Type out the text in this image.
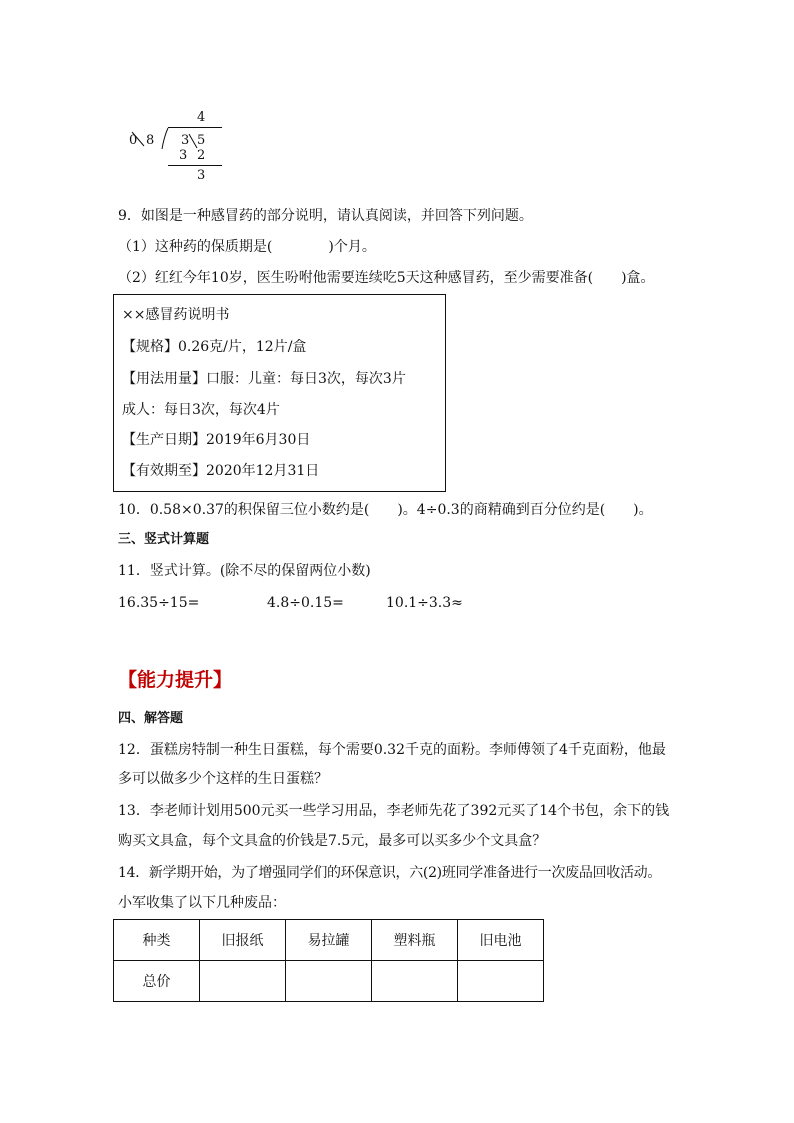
4
0 8 3 5
3 2
3
9．如图是一种感冒药的部分说明，请认真阅读，并回答下列问题。
（1）这种药的保质期是(　　　　)个月。
（2）红红今年10岁，医生吩咐他需要连续吃5天这种感冒药，至少需要准备(　　)盒。
××感冒药说明书
【规格】0.26克/片，12片/盒
【用法用量】口服：儿童：每日3次，每次3片
成人：每日3次，每次4片
【生产日期】2019年6月30日
【有效期至】2020年12月31日
10．0.58×0.37的积保留三位小数约是(　　)。4÷0.3的商精确到百分位约是(　　)。
三、竖式计算题
11．竖式计算。(除不尽的保留两位小数)
16.35÷15=	4.8÷0.15=	10.1÷3.3≈
【能力提升】
四、解答题
12．蛋糕房特制一种生日蛋糕，每个需要0.32千克的面粉。李师傅领了4千克面粉，他最
多可以做多少个这样的生日蛋糕？
13．李老师计划用500元买一些学习用品，李老师先花了392元买了14个书包，余下的钱
购买文具盒，每个文具盒的价钱是7.5元，最多可以买多少个文具盒？
14．新学期开始，为了增强同学们的环保意识，六(2)班同学准备进行一次废品回收活动。
小军收集了以下几种废品：
种类	旧报纸	易拉罐	塑料瓶	旧电池
总价				
